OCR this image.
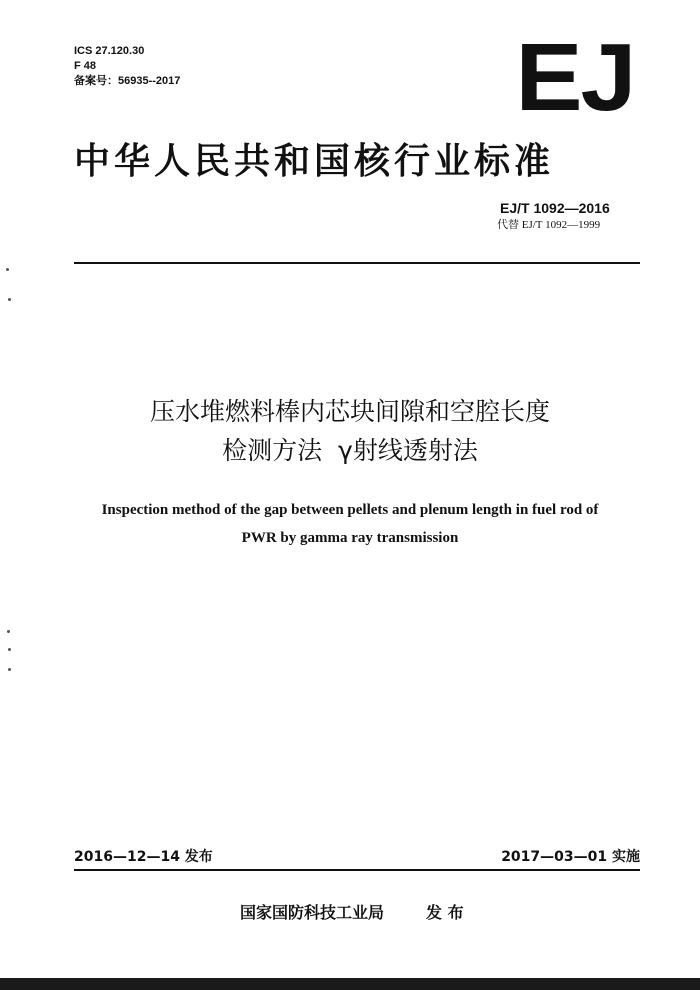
ICS 27.120.30
F 48
备案号：56935--2017	EJ
中华人民共和国核行业标准
EJ/T 1092—2016
代替 EJ/T 1092—1999
压水堆燃料棒内芯块间隙和空腔长度
检测方法  γ射线透射法
Inspection method of the gap between pellets and plenum length in fuel rod of
PWR by gamma ray transmission
2016—12—14 发布	2017—03—01 实施
国家国防科技工业局	发 布
